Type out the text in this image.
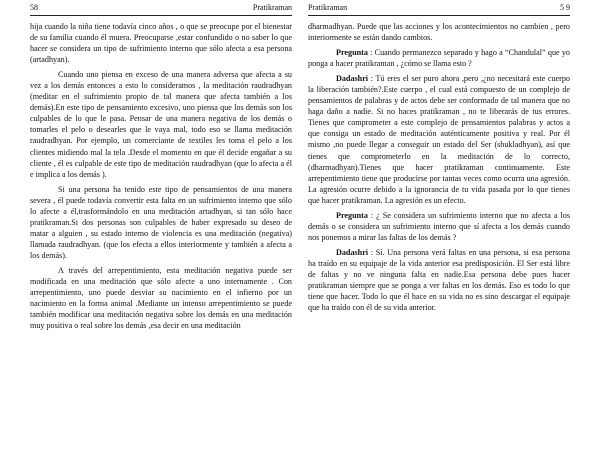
58	Pratikraman

hija cuando la niña tiene todavía cinco años , o que se preocupe por el bienestar de su familia cuando él muera. Preocuparse ,estar confundido o no saber lo que hacer se considera un tipo de sufrimiento interno que sólo afecta a esa persona (artadhyan).

Cuando uno piensa en exceso de una manera adversa que afecta a su vez a los demás entonces a esto lo consideramos , la meditación raudradhyan (meditar en el sufrimiento propio de tal manera que afecta también a los demás).En este tipo de pensamiento excesivo, uno piensa que los demás son los culpables de lo que le pasa. Pensar de una manera negativa de los demás o tomarles el pelo o desearles que le vaya mal, todo eso se llama meditación raudradhyan. Por ejemplo, un comerciante de textiles les toma el pelo a los clientes midiendo mal la tela .Desde el momento en que él decide engañar a su cliente , él es culpable de este tipo de meditación raudradhyan (que lo afecta a él e implica a los demás ).

Si una persona ha tenido este tipo de pensamientos de una manera severa , él puede todavía convertir esta falta en un sufrimiento interno que sólo lo afecte a él,trasformándolo en una meditación artadhyan, si tan sólo hace pratikraman.Si dos personas son culpables de haber expresado su deseo de matar a alguien , su estado interno de violencia es una meditación (negativa) llamada raudradhyan. (que los efecta a ellos interiormente y también a afecta a los demás).

A través del arrepentimiento, esta meditación negativa puede ser modificada en una meditación que sólo afecte a uno internamente . Con arrepentimiento, uno puede desviar su nacimiento en el infierno por un nacimiento en la forma animal .Mediante un intenso arrepentimiento se puede también modificar una meditación negativa sobre los demás en una meditación muy positiva o real sobre los demás ,esa decir en una meditación

Pratikraman	5 9

dharmadhyan. Puede que las acciones y los acontecimientos no cambien , pero interiormente se están dando cambios.

Pregunta : Cuando permanezco separado y hago a “Chandulal” que yo ponga a hacer pratikraman , ¿cómo se llama esto ?

Dadashri : Tú eres el ser puro ahora ,pero ,¿no necesitará este cuerpo la liberación también?.Este cuerpo , el cual está compuesto de un complejo de pensamientos de palabras y de actos debe ser conformado de tal manera que no haga daño a nadie. Si no haces pratikraman , no te liberarás de tus errores. Tienes que comprometer a este complejo de pensamientos palabras y actos a que consiga un estado de meditación auténticamente positiva y real. Por él mismo ,no puede llegar a conseguir un estado del Ser (shukladhyan), así que tienes que comprometerlo en la meditación de lo correcto, (dharmadhyan).Tienes que hacer pratikraman continuamente. Este arrepentimiento tiene que producirse por tantas veces como ocurra una agresión. La agresión ocurre debido a la ignorancia de tu vida pasada por lo que tienes que hacer pratikraman. La agresión es un efecto.

Pregunta : ¿ Se considera un sufrimiento interno que no afecta a los demás o se considera un sufrimiento interno que sí afecta a los demás cuando nos ponemos a mirar las faltas de los demás ?

Dadashri : Sí. Una persona verá faltas en una persona, si esa persona ha traído en su equipaje de la vida anterior esa predisposición. El Ser está libre de faltas y no ve ninguna falta en nadie.Esa persona debe pues hacer pratikraman siempre que se ponga a ver faltas en los demás. Eso es todo lo que tiene que hacer. Todo lo que él hace en su vida no es sino descargar el equipaje que ha traído con él de su vida anterior.
